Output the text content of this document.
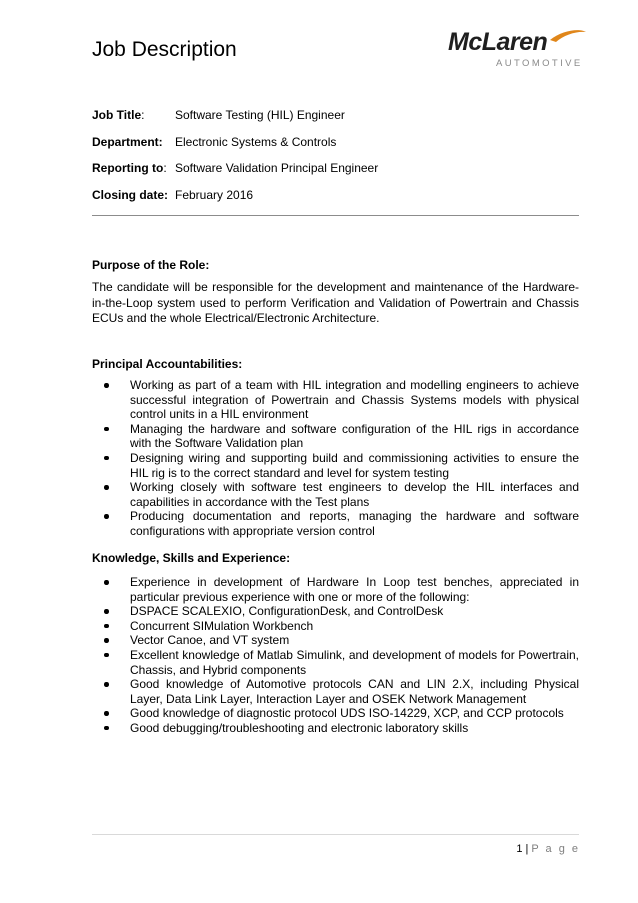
Job Description	McLaren
AUTOMOTIVE
Job Title:	Software Testing (HIL) Engineer
Department: Electronic Systems & Controls
Reporting to: Software Validation Principal Engineer
Closing date: February 2016
Purpose of the Role:
The candidate will be responsible for the development and maintenance of the Hardware-in-the-Loop system used to perform Verification and Validation of Powertrain and Chassis ECUs and the whole Electrical/Electronic Architecture.
Principal Accountabilities:
Working as part of a team with HIL integration and modelling engineers to achieve successful integration of Powertrain and Chassis Systems models with physical control units in a HIL environment
Managing the hardware and software configuration of the HIL rigs in accordance with the Software Validation plan
Designing wiring and supporting build and commissioning activities to ensure the HIL rig is to the correct standard and level for system testing
Working closely with software test engineers to develop the HIL interfaces and capabilities in accordance with the Test plans
Producing documentation and reports, managing the hardware and software configurations with appropriate version control
Knowledge, Skills and Experience:
Experience in development of Hardware In Loop test benches, appreciated in particular previous experience with one or more of the following:
DSPACE SCALEXIO, ConfigurationDesk, and ControlDesk
Concurrent SIMulation Workbench
Vector Canoe, and VT system
Excellent knowledge of Matlab Simulink, and development of models for Powertrain, Chassis, and Hybrid components
Good knowledge of Automotive protocols CAN and LIN 2.X, including Physical Layer, Data Link Layer, Interaction Layer and OSEK Network Management
Good knowledge of diagnostic protocol UDS ISO-14229, XCP, and CCP protocols
Good debugging/troubleshooting and electronic laboratory skills
1 | P a g e
